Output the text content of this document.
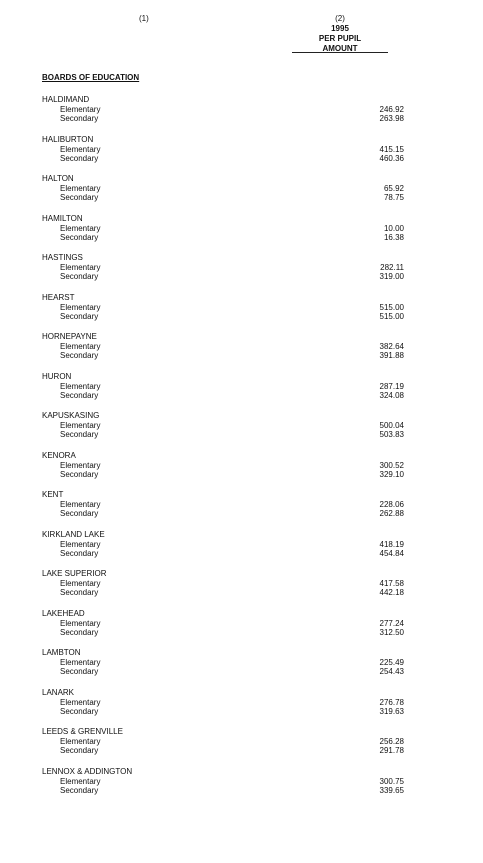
(1)	(2)
1995
PER PUPIL
AMOUNT
BOARDS OF EDUCATION
HALDIMAND
Elementary	246.92
Secondary	263.98
HALIBURTON
Elementary	415.15
Secondary	460.36
HALTON
Elementary	65.92
Secondary	78.75
HAMILTON
Elementary	10.00
Secondary	16.38
HASTINGS
Elementary	282.11
Secondary	319.00
HEARST
Elementary	515.00
Secondary	515.00
HORNEPAYNE
Elementary	382.64
Secondary	391.88
HURON
Elementary	287.19
Secondary	324.08
KAPUSKASING
Elementary	500.04
Secondary	503.83
KENORA
Elementary	300.52
Secondary	329.10
KENT
Elementary	228.06
Secondary	262.88
KIRKLAND LAKE
Elementary	418.19
Secondary	454.84
LAKE SUPERIOR
Elementary	417.58
Secondary	442.18
LAKEHEAD
Elementary	277.24
Secondary	312.50
LAMBTON
Elementary	225.49
Secondary	254.43
LANARK
Elementary	276.78
Secondary	319.63
LEEDS & GRENVILLE
Elementary	256.28
Secondary	291.78
LENNOX & ADDINGTON
Elementary	300.75
Secondary	339.65
